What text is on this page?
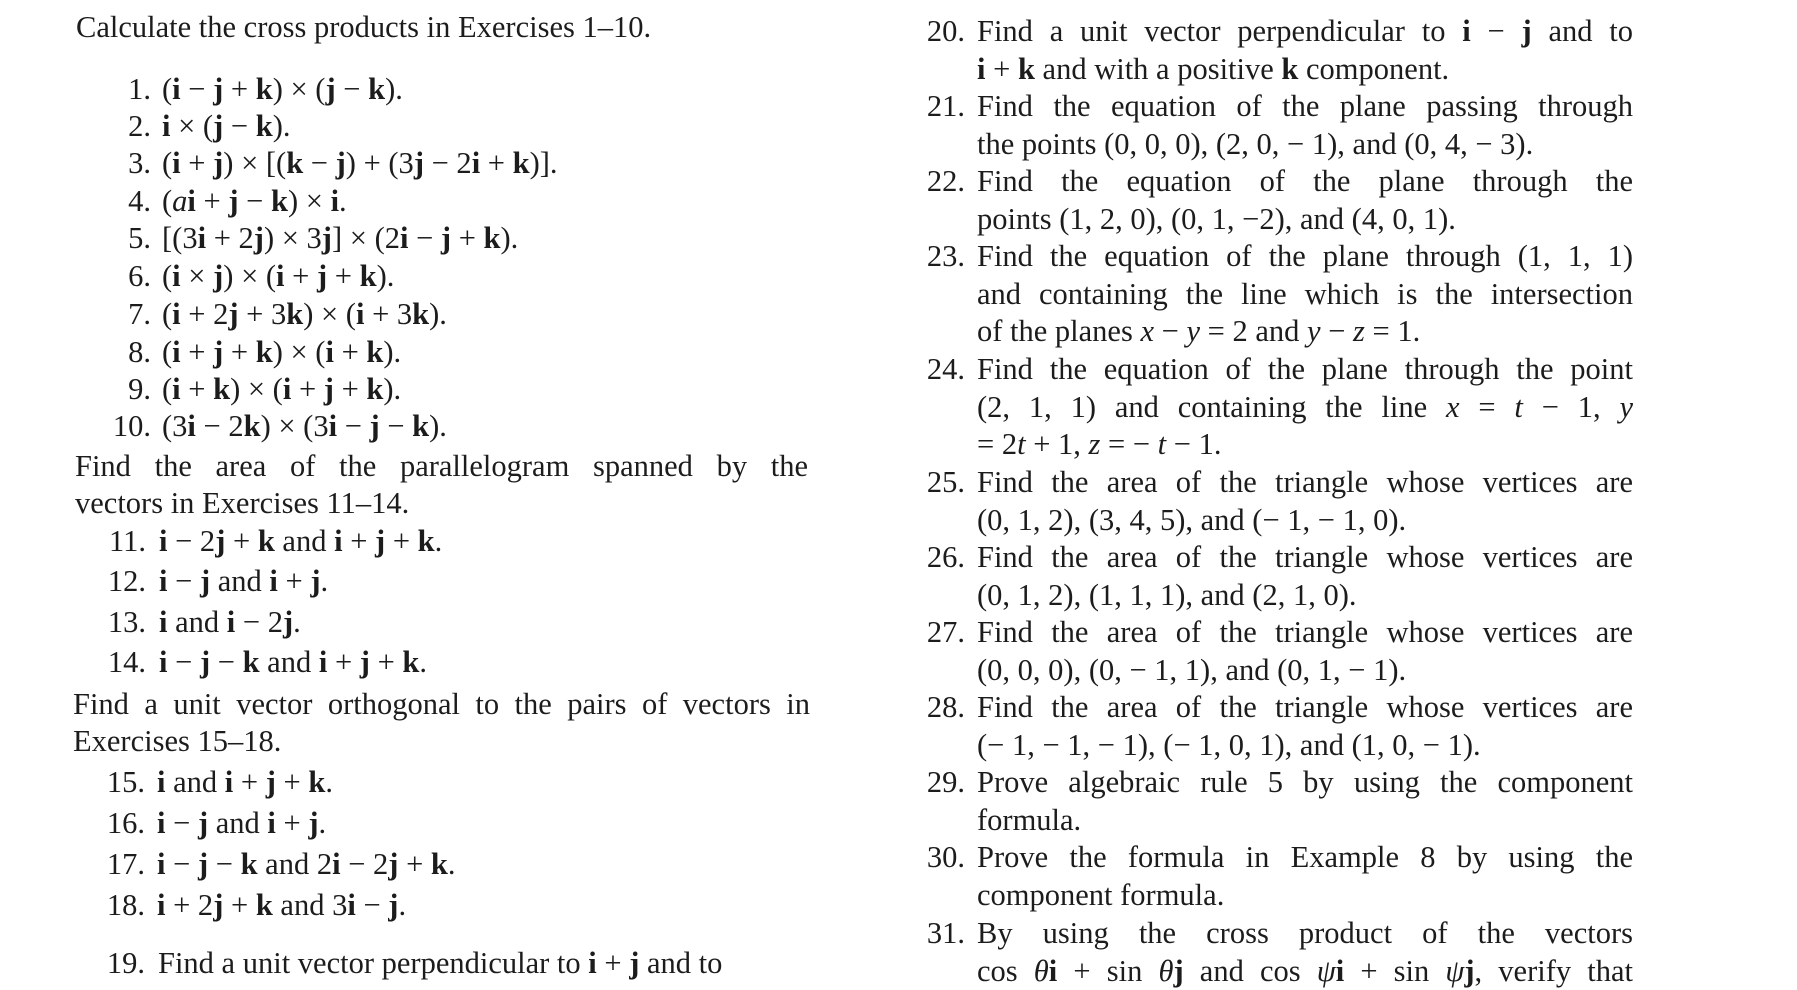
Calculate the cross products in Exercises 1–10.
1. (i − j + k) × (j − k).
2. i × (j − k).
3. (i + j) × [(k − j) + (3j − 2i + k)].
4. (ai + j − k) × i.
5. [(3i + 2j) × 3j] × (2i − j + k).
6. (i × j) × (i + j + k).
7. (i + 2j + 3k) × (i + 3k).
8. (i + j + k) × (i + k).
9. (i + k) × (i + j + k).
10. (3i − 2k) × (3i − j − k).
Find the area of the parallelogram spanned by the
vectors in Exercises 11–14.
11. i − 2j + k and i + j + k.
12. i − j and i + j.
13. i and i − 2j.
14. i − j − k and i + j + k.
Find a unit vector orthogonal to the pairs of vectors in
Exercises 15–18.
15. i and i + j + k.
16. i − j and i + j.
17. i − j − k and 2i − 2j + k.
18. i + 2j + k and 3i − j.
19. Find a unit vector perpendicular to i + j and to
20. Find a unit vector perpendicular to i − j and to
i + k and with a positive k component.
21. Find the equation of the plane passing through
the points (0, 0, 0), (2, 0, − 1), and (0, 4, − 3).
22. Find the equation of the plane through the
points (1, 2, 0), (0, 1, −2), and (4, 0, 1).
23. Find the equation of the plane through (1, 1, 1)
and containing the line which is the intersection
of the planes x − y = 2 and y − z = 1.
24. Find the equation of the plane through the point
(2, 1, 1) and containing the line x = t − 1, y
= 2t + 1, z = − t − 1.
25. Find the area of the triangle whose vertices are
(0, 1, 2), (3, 4, 5), and (− 1, − 1, 0).
26. Find the area of the triangle whose vertices are
(0, 1, 2), (1, 1, 1), and (2, 1, 0).
27. Find the area of the triangle whose vertices are
(0, 0, 0), (0, − 1, 1), and (0, 1, − 1).
28. Find the area of the triangle whose vertices are
(− 1, − 1, − 1), (− 1, 0, 1), and (1, 0, − 1).
29. Prove algebraic rule 5 by using the component
formula.
30. Prove the formula in Example 8 by using the
component formula.
31. By using the cross product of the vectors
cos θi + sin θj and cos ψi + sin ψj, verify that
